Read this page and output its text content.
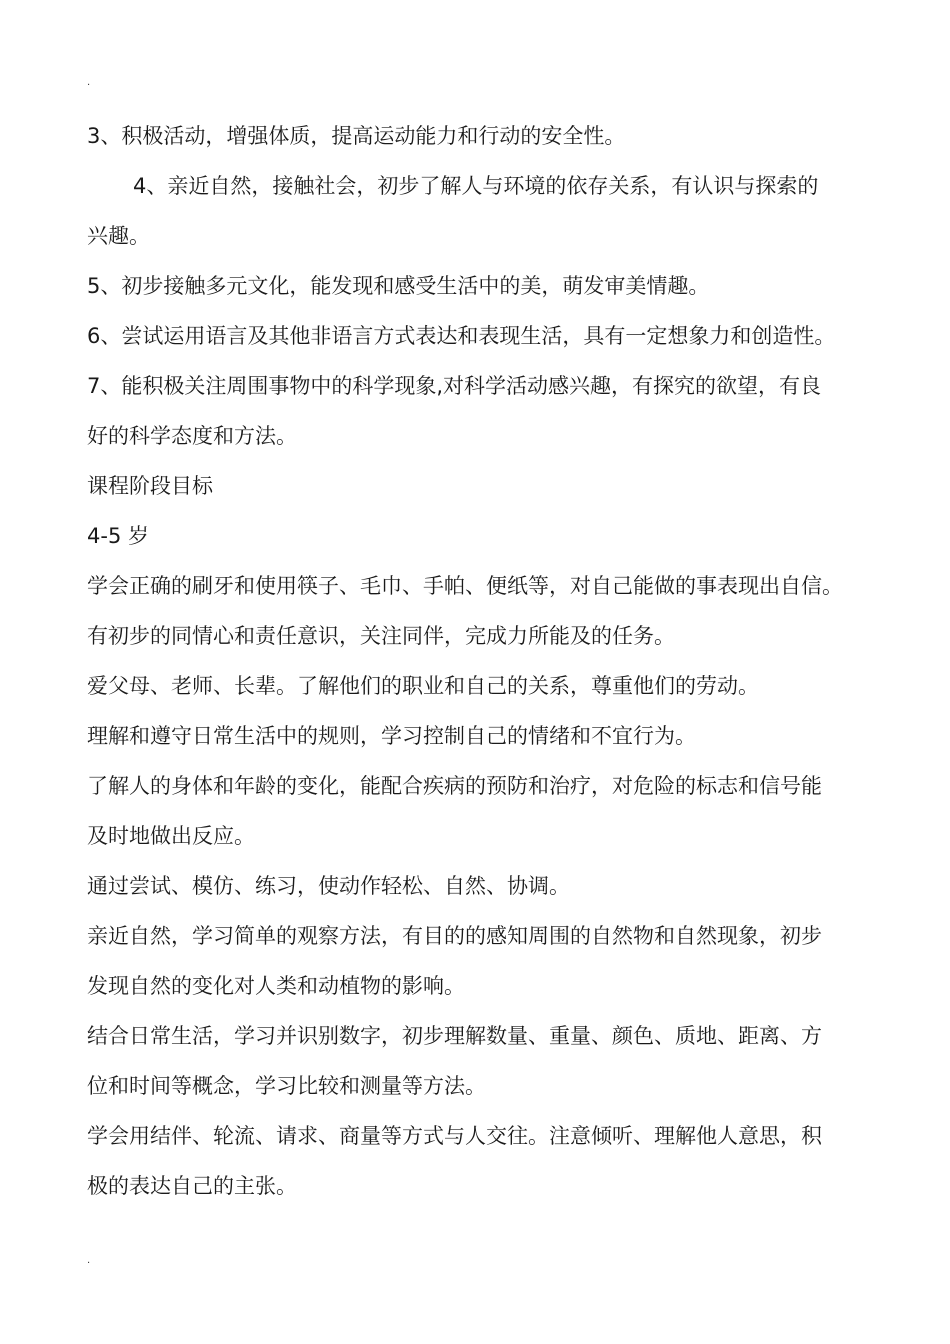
.
3、积极活动，增强体质，提高运动能力和行动的安全性。
4、亲近自然，接触社会，初步了解人与环境的依存关系，有认识与探索的
兴趣。
5、初步接触多元文化，能发现和感受生活中的美，萌发审美情趣。
6、尝试运用语言及其他非语言方式表达和表现生活，具有一定想象力和创造性。
7、能积极关注周围事物中的科学现象,对科学活动感兴趣，有探究的欲望，有良
好的科学态度和方法。
课程阶段目标
4-5 岁
学会正确的刷牙和使用筷子、毛巾、手帕、便纸等，对自己能做的事表现出自信。
有初步的同情心和责任意识，关注同伴，完成力所能及的任务。
爱父母、老师、长辈。了解他们的职业和自己的关系，尊重他们的劳动。
理解和遵守日常生活中的规则，学习控制自己的情绪和不宜行为。
了解人的身体和年龄的变化，能配合疾病的预防和治疗，对危险的标志和信号能
及时地做出反应。
通过尝试、模仿、练习，使动作轻松、自然、协调。
亲近自然，学习简单的观察方法，有目的的感知周围的自然物和自然现象，初步
发现自然的变化对人类和动植物的影响。
结合日常生活，学习并识别数字，初步理解数量、重量、颜色、质地、距离、方
位和时间等概念，学习比较和测量等方法。
学会用结伴、轮流、请求、商量等方式与人交往。注意倾听、理解他人意思，积
极的表达自己的主张。
.
